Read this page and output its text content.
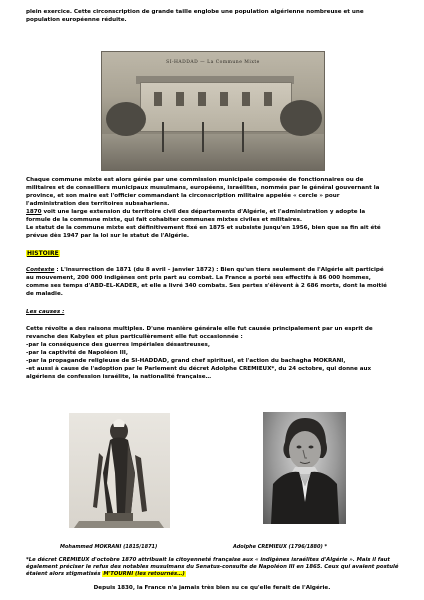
plein exercice. Cette circonscription de grande taille englobe une population algérienne nombreuse et une

population européenne réduite.

SI-HADDAD — La Commune Mixte

Chaque commune mixte est alors gérée par une commission municipale composée de fonctionnaires ou de

militaires et de conseillers municipaux musulmans, européens, israélites, nommés par le général gouvernant la

province, et son maire est l'officier commandant la circonscription militaire appelée « cercle » pour

l'administration des territoires subsahariens.

1870 voit une large extension du territoire civil des départements d'Algérie, et l'administration y adopte la

formule de la commune mixte, qui fait cohabiter communes mixtes civiles et militaires.

Le statut de la commune mixte est définitivement fixé en 1875 et subsiste jusqu'en 1956, bien que sa fin ait été

prévue dès 1947 par la loi sur le statut de l'Algérie.

HISTOIRE

Contexte : L'insurrection de 1871 (du 8 avril – janvier 1872) : Bien qu'un tiers seulement de l'Algérie ait participé

au mouvement, 200 000 indigènes ont pris part au combat. La France a porté ses effectifs à 86 000 hommes,

comme ses temps d'ABD-EL-KADER, et elle a livré 340 combats. Ses pertes s'élèvent à 2 686 morts, dont la moitié

de maladie.

Les causes :

Cette révolte a des raisons multiples. D'une manière générale elle fut causée principalement par un esprit de

revanche des Kabyles et plus particulièrement elle fut occasionnée :

-par la conséquence des guerres impériales désastreuses,

-par la captivité de Napoléon III,

-par la propagande religieuse de SI-HADDAD, grand chef spirituel, et l'action du bachagha MOKRANI,

-et aussi à cause de l'adoption par le Parlement du décret Adolphe CREMIEUX*, du 24 octobre, qui donne aux

algériens de confession israélite, la nationalité française…

Mohammed MOKRANI (1815/1871)	Adolphe CREMIEUX (1796/1880) *

*Le décret CREMIEUX d'octobre 1870 attribuait la citoyenneté française aux « indigènes israélites d'Algérie ». Mais il faut

également préciser le refus des notables musulmans du Senatus-consulte de Napoléon III en 1865. Ceux qui avaient postulé

étaient alors stigmatisés M'TOURNI (les retournés…)

Depuis 1830, la France n'a jamais très bien su ce qu'elle ferait de l'Algérie.
